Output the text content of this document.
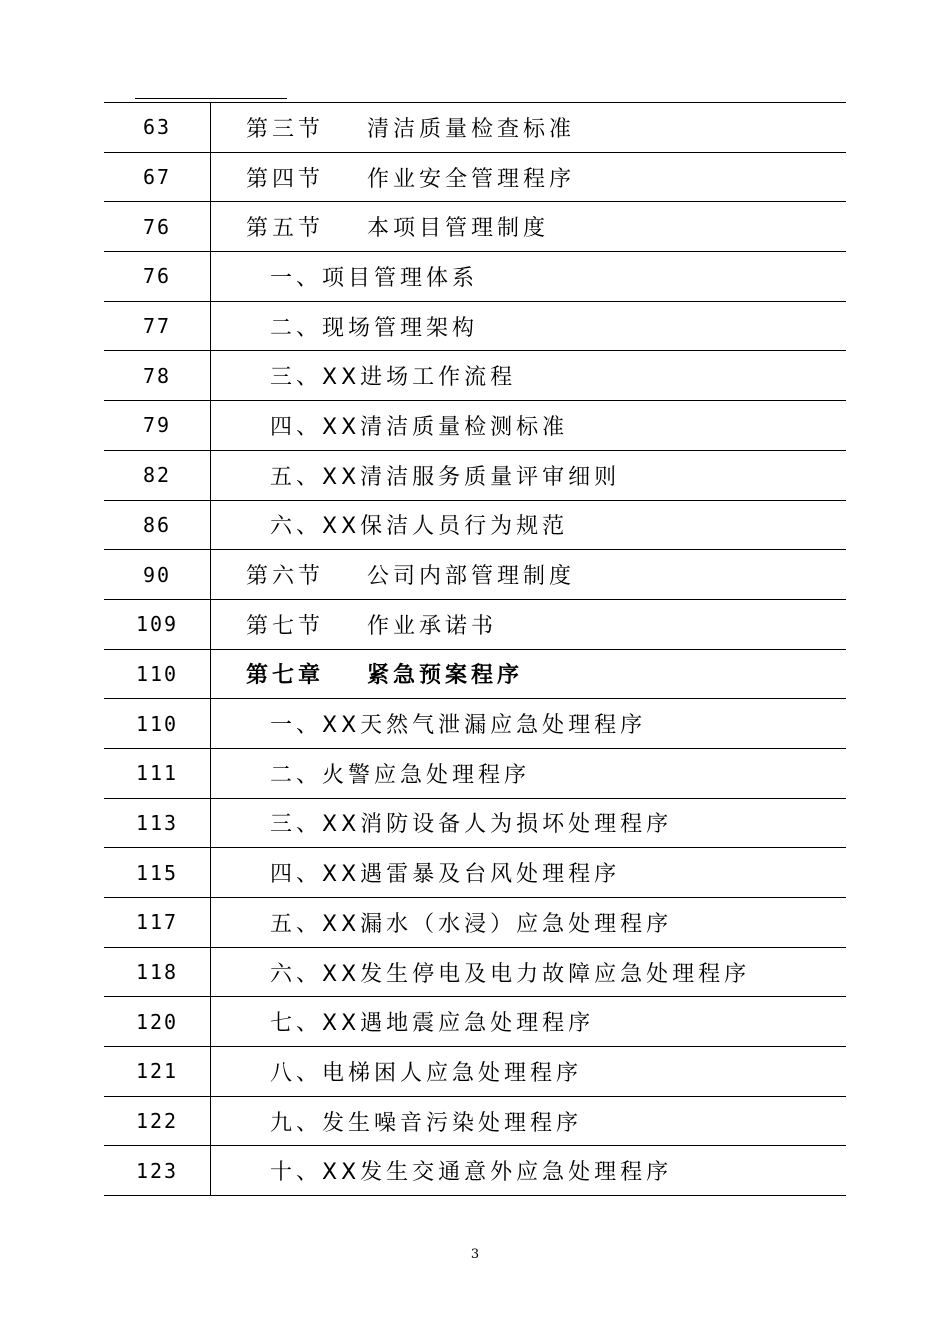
63	第三节	清洁质量检查标准
67	第四节	作业安全管理程序
76	第五节	本项目管理制度
76	一、项目管理体系
77	二、现场管理架构
78	三、XX进场工作流程
79	四、XX清洁质量检测标准
82	五、XX清洁服务质量评审细则
86	六、XX保洁人员行为规范
90	第六节	公司内部管理制度
109	第七节	作业承诺书
110	第七章	紧急预案程序
110	一、XX天然气泄漏应急处理程序
111	二、火警应急处理程序
113	三、XX消防设备人为损坏处理程序
115	四、XX遇雷暴及台风处理程序
117	五、XX漏水（水浸）应急处理程序
118	六、XX发生停电及电力故障应急处理程序
120	七、XX遇地震应急处理程序
121	八、电梯困人应急处理程序
122	九、发生噪音污染处理程序
123	十、XX发生交通意外应急处理程序
3
